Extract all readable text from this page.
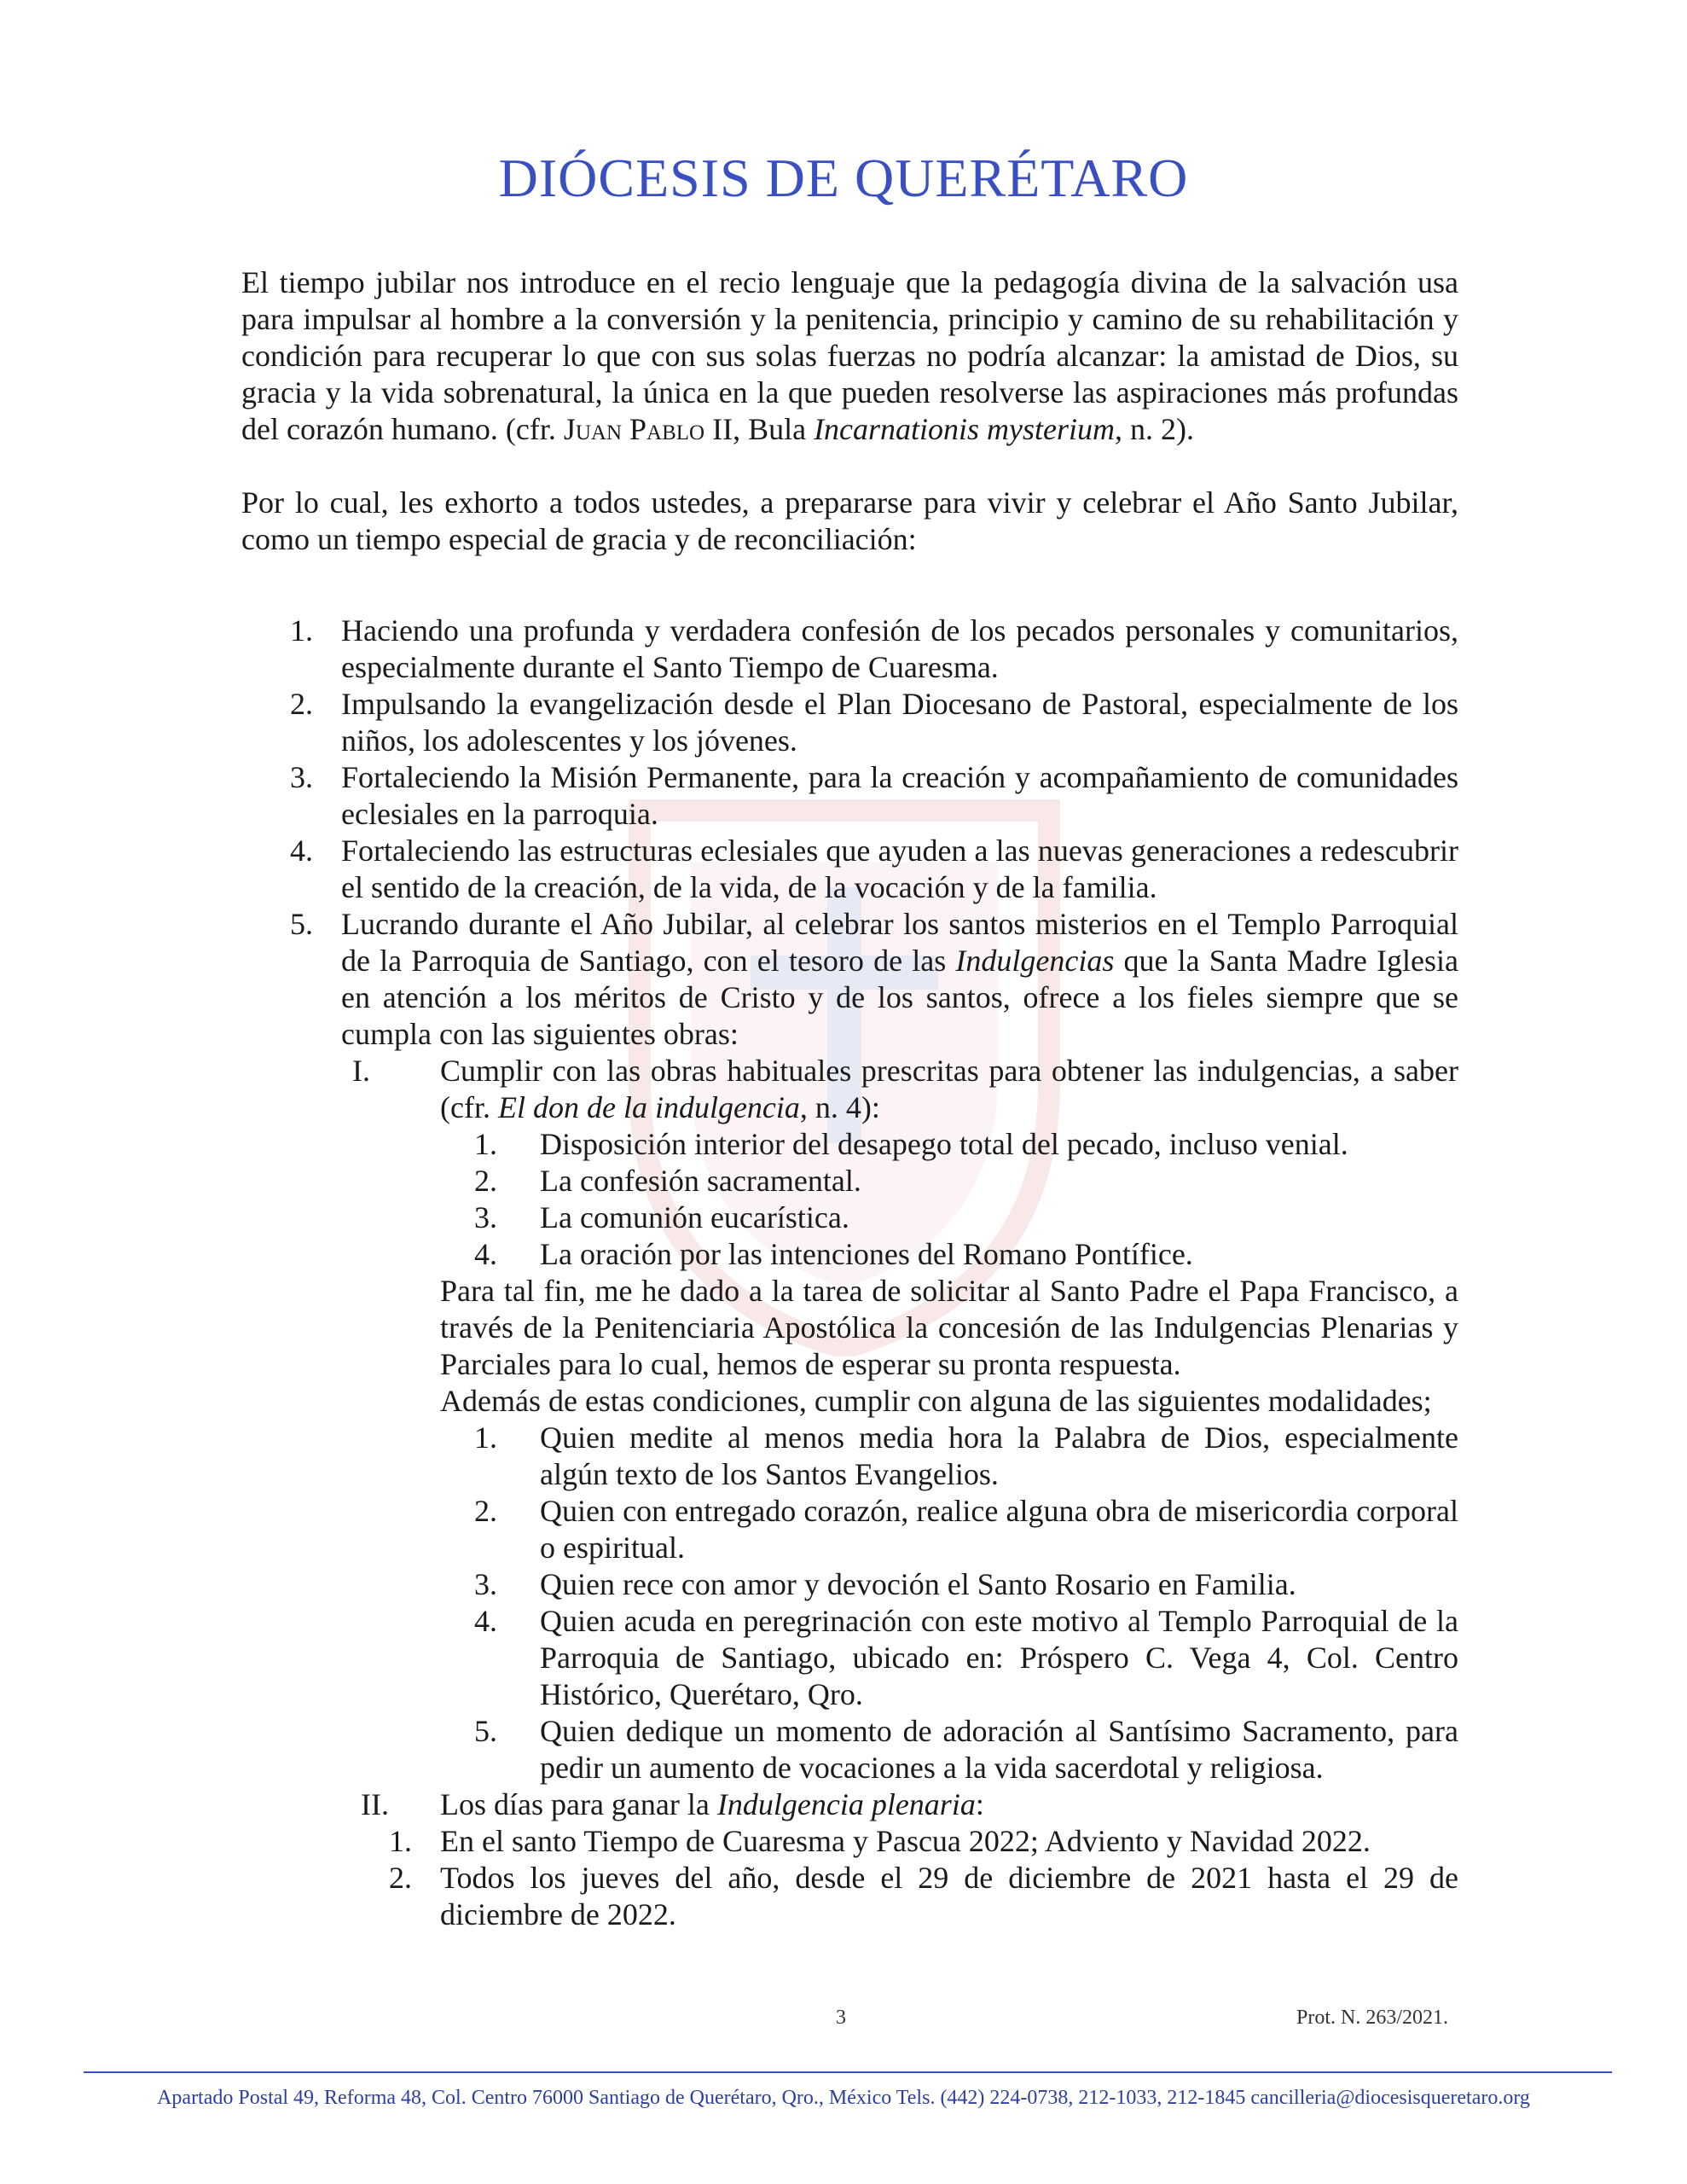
DIÓCESIS DE QUERÉTARO

El tiempo jubilar nos introduce en el recio lenguaje que la pedagogía divina de la salvación usa para impulsar al hombre a la conversión y la penitencia, principio y camino de su rehabilitación y condición para recuperar lo que con sus solas fuerzas no podría alcanzar: la amistad de Dios, su gracia y la vida sobrenatural, la única en la que pueden resolverse las aspiraciones más profundas del corazón humano. (cfr. Juan Pablo II, Bula Incarnationis mysterium, n. 2).

Por lo cual, les exhorto a todos ustedes, a prepararse para vivir y celebrar el Año Santo Jubilar, como un tiempo especial de gracia y de reconciliación:

1. Haciendo una profunda y verdadera confesión de los pecados personales y comunitarios, especialmente durante el Santo Tiempo de Cuaresma.
2. Impulsando la evangelización desde el Plan Diocesano de Pastoral, especialmente de los niños, los adolescentes y los jóvenes.
3. Fortaleciendo la Misión Permanente, para la creación y acompañamiento de comunidades eclesiales en la parroquia.
4. Fortaleciendo las estructuras eclesiales que ayuden a las nuevas generaciones a redescubrir el sentido de la creación, de la vida, de la vocación y de la familia.
5. Lucrando durante el Año Jubilar, al celebrar los santos misterios en el Templo Parroquial de la Parroquia de Santiago, con el tesoro de las Indulgencias que la Santa Madre Iglesia en atención a los méritos de Cristo y de los santos, ofrece a los fieles siempre que se cumpla con las siguientes obras:
I.	Cumplir con las obras habituales prescritas para obtener las indulgencias, a saber (cfr. El don de la indulgencia, n. 4):
1. Disposición interior del desapego total del pecado, incluso venial.
2. La confesión sacramental.
3. La comunión eucarística.
4. La oración por las intenciones del Romano Pontífice.
Para tal fin, me he dado a la tarea de solicitar al Santo Padre el Papa Francisco, a través de la Penitenciaria Apostólica la concesión de las Indulgencias Plenarias y Parciales para lo cual, hemos de esperar su pronta respuesta.
Además de estas condiciones, cumplir con alguna de las siguientes modalidades;
1. Quien medite al menos media hora la Palabra de Dios, especialmente algún texto de los Santos Evangelios.
2. Quien con entregado corazón, realice alguna obra de misericordia corporal o espiritual.
3. Quien rece con amor y devoción el Santo Rosario en Familia.
4. Quien acuda en peregrinación con este motivo al Templo Parroquial de la Parroquia de Santiago, ubicado en: Próspero C. Vega 4, Col. Centro Histórico, Querétaro, Qro.
5. Quien dedique un momento de adoración al Santísimo Sacramento, para pedir un aumento de vocaciones a la vida sacerdotal y religiosa.
II.	Los días para ganar la Indulgencia plenaria:
1. En el santo Tiempo de Cuaresma y Pascua 2022; Adviento y Navidad 2022.
2. Todos los jueves del año, desde el 29 de diciembre de 2021 hasta el 29 de diciembre de 2022.
3	Prot. N. 263/2021.
Apartado Postal 49, Reforma 48, Col. Centro 76000 Santiago de Querétaro, Qro., México Tels. (442) 224-0738, 212-1033, 212-1845 cancilleria@diocesisqueretaro.org
